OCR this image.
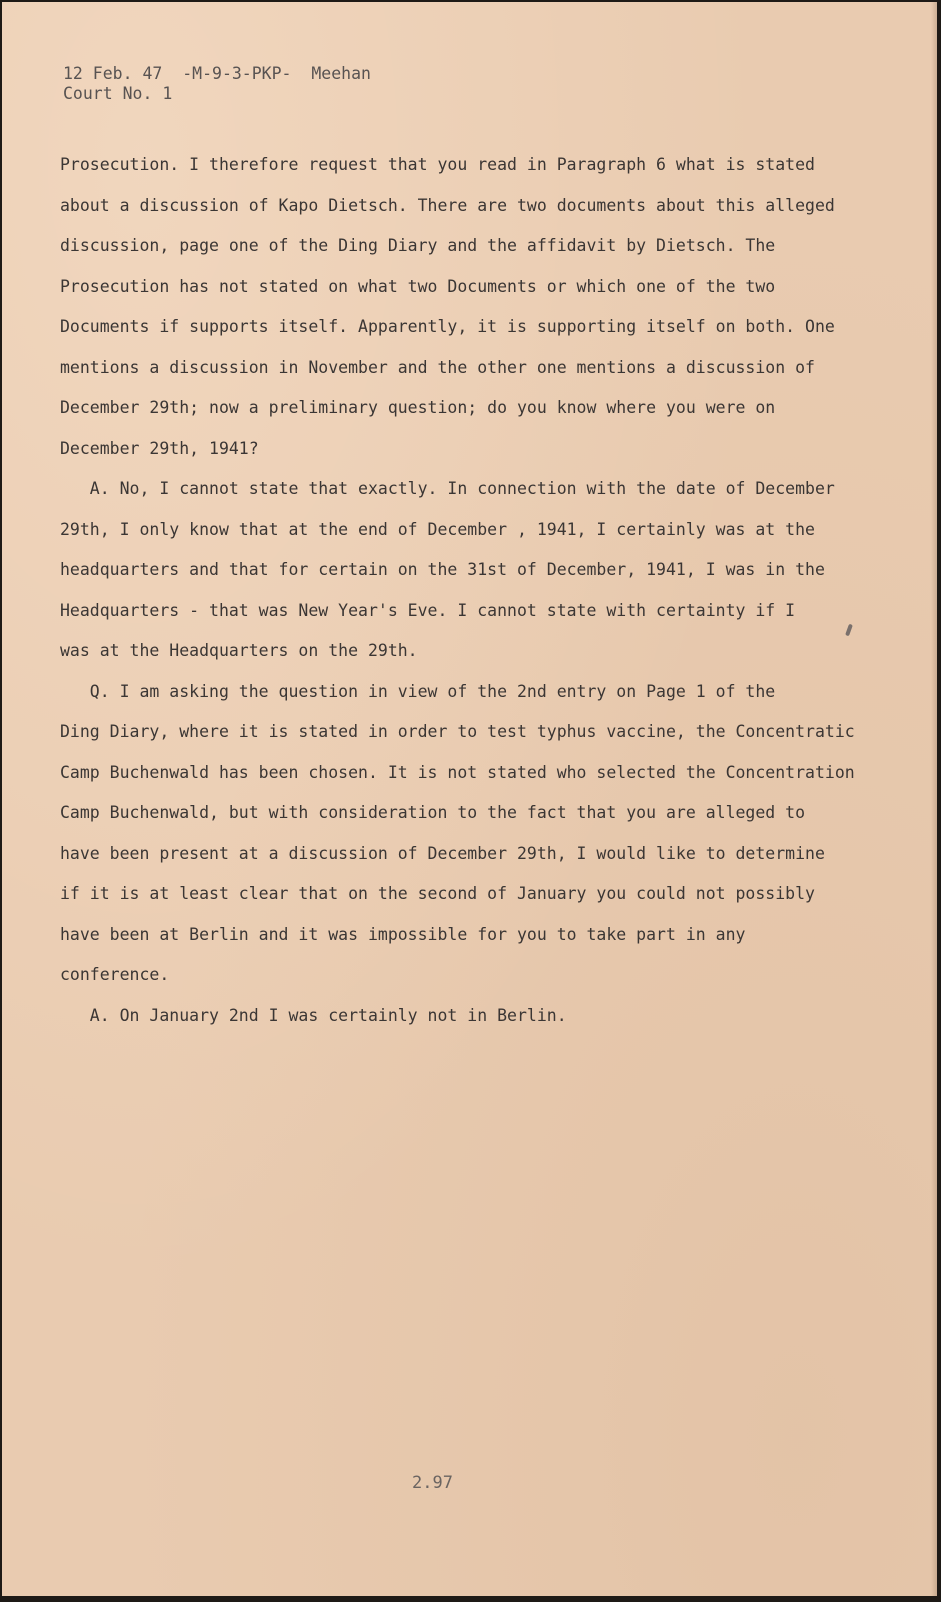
12 Feb. 47  -M-9-3-PKP-  Meehan
Court No. 1
Prosecution. I therefore request that you read in Paragraph 6 what is stated
about a discussion of Kapo Dietsch. There are two documents about this alleged
discussion, page one of the Ding Diary and the affidavit by Dietsch. The
Prosecution has not stated on what two Documents or which one of the two
Documents if supports itself. Apparently, it is supporting itself on both. One
mentions a discussion in November and the other one mentions a discussion of
December 29th; now a preliminary question; do you know where you were on
December 29th, 1941?
A. No, I cannot state that exactly. In connection with the date of December
29th, I only know that at the end of December , 1941, I certainly was at the
headquarters and that for certain on the 31st of December, 1941, I was in the
Headquarters - that was New Year's Eve. I cannot state with certainty if I
was at the Headquarters on the 29th.
Q. I am asking the question in view of the 2nd entry on Page 1 of the
Ding Diary, where it is stated in order to test typhus vaccine, the Concentratic
Camp Buchenwald has been chosen. It is not stated who selected the Concentration
Camp Buchenwald, but with consideration to the fact that you are alleged to
have been present at a discussion of December 29th, I would like to determine
if it is at least clear that on the second of January you could not possibly
have been at Berlin and it was impossible for you to take part in any
conference.
A. On January 2nd I was certainly not in Berlin.
2.97
